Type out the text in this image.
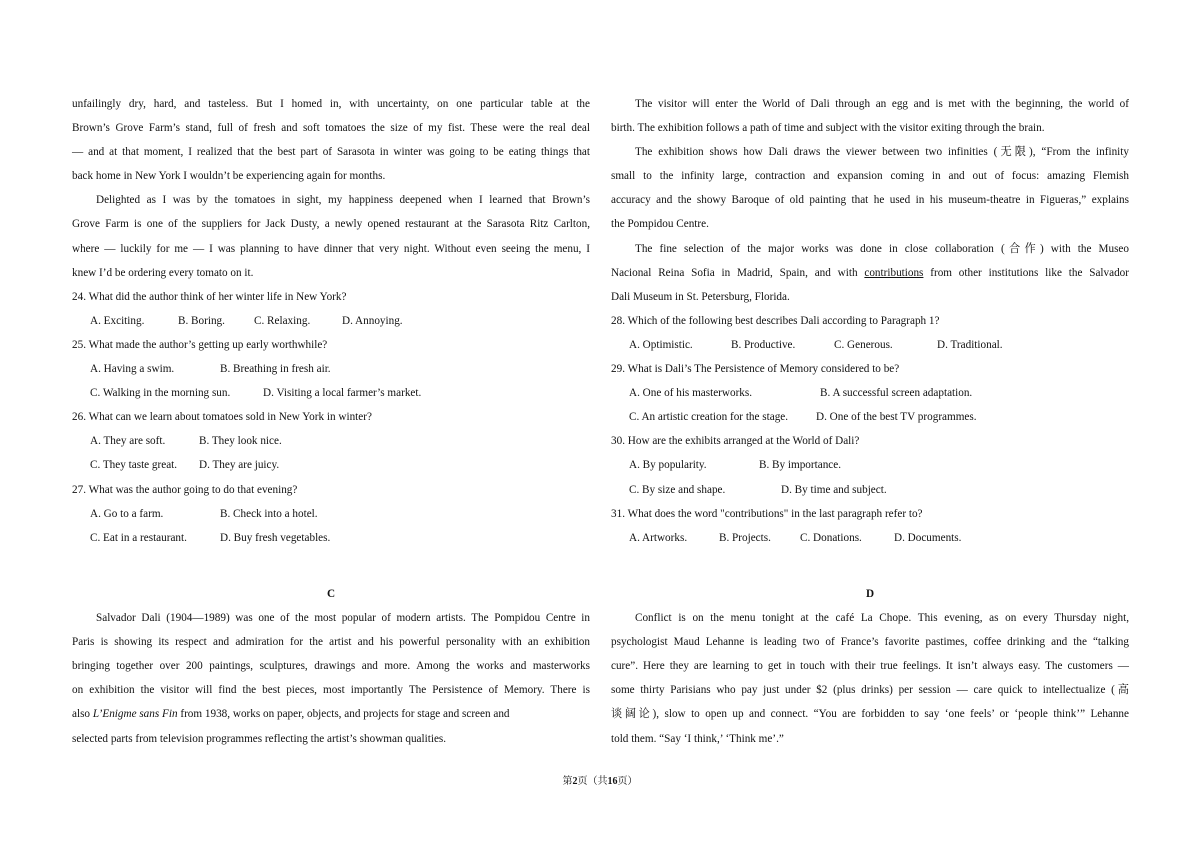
unfailingly dry, hard, and tasteless. But I homed in, with uncertainty, on one particular table at the
Brown’s Grove Farm’s stand, full of fresh and soft tomatoes the size of my fist. These were the real deal
— and at that moment, I realized that the best part of Sarasota in winter was going to be eating things that
back home in New York I wouldn’t be experiencing again for months.
Delighted as I was by the tomatoes in sight, my happiness deepened when I learned that Brown’s
Grove Farm is one of the suppliers for Jack Dusty, a newly opened restaurant at the Sarasota Ritz Carlton,
where — luckily for me — I was planning to have dinner that very night. Without even seeing the menu, I
knew I’d be ordering every tomato on it.
24. What did the author think of her winter life in New York?
A. Exciting.	B. Boring.	C. Relaxing.	D. Annoying.
25. What made the author’s getting up early worthwhile?
A. Having a swim.	B. Breathing in fresh air.
C. Walking in the morning sun.	D. Visiting a local farmer’s market.
26. What can we learn about tomatoes sold in New York in winter?
A. They are soft.	B. They look nice.
C. They taste great. D. They are juicy.
27. What was the author going to do that evening?
A. Go to a farm.	B. Check into a hotel.
C. Eat in a restaurant.	D. Buy fresh vegetables.
The visitor will enter the World of Dali through an egg and is met with the beginning, the world of
birth. The exhibition follows a path of time and subject with the visitor exiting through the brain.
The exhibition shows how Dali draws the viewer between two infinities (无限), “From the infinity
small to the infinity large, contraction and expansion coming in and out of focus: amazing Flemish
accuracy and the showy Baroque of old painting that he used in his museum-theatre in Figueras,” explains
the Pompidou Centre.
The fine selection of the major works was done in close collaboration (合作) with the Museo
Nacional Reina Sofia in Madrid, Spain, and with contributions from other institutions like the Salvador
Dali Museum in St. Petersburg, Florida.
28. Which of the following best describes Dali according to Paragraph 1?
A. Optimistic.	B. Productive.	C. Generous.	D. Traditional.
29. What is Dali’s The Persistence of Memory considered to be?
A. One of his masterworks.	B. A successful screen adaptation.
C. An artistic creation for the stage. D. One of the best TV programmes.
30. How are the exhibits arranged at the World of Dali?
A. By popularity.	B. By importance.
C. By size and shape.	D. By time and subject.
31. What does the word "contributions" in the last paragraph refer to?
A. Artworks.	B. Projects.	C. Donations.	D. Documents.
C
Salvador Dali (1904—1989) was one of the most popular of modern artists. The Pompidou Centre in
Paris is showing its respect and admiration for the artist and his powerful personality with an exhibition
bringing together over 200 paintings, sculptures, drawings and more. Among the works and masterworks
on exhibition the visitor will find the best pieces, most importantly The Persistence of Memory. There is
also L’Enigme sans Fin from 1938, works on paper, objects, and projects for stage and screen and
selected parts from television programmes reflecting the artist’s showman qualities.
D
Conflict is on the menu tonight at the café La Chope. This evening, as on every Thursday night,
psychologist Maud Lehanne is leading two of France’s favorite pastimes, coffee drinking and the “talking
cure”. Here they are learning to get in touch with their true feelings. It isn’t always easy. The customers —
some thirty Parisians who pay just under $2 (plus drinks) per session — care quick to intellectualize (高
谈阔论), slow to open up and connect. “You are forbidden to say ‘one feels’ or ‘people think’” Lehanne
told them. “Say ‘I think,’ ‘Think me’.”
第2页（共16页）
